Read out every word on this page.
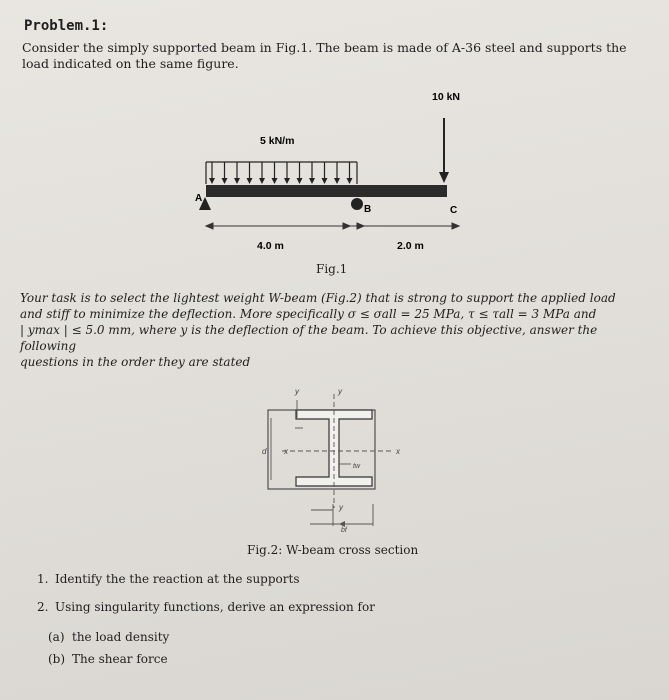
Problem.1:
Consider the simply supported beam in Fig.1. The beam is made of A-36 steel and supports the load indicated on the same figure.
10 kN
5 kN/m
A
B	C
4.0 m	2.0 m
Fig.1
Your task is to select the lightest weight W-beam (Fig.2) that is strong to support the applied load
and stiff to minimize the deflection. More specifically σ ≤ σall = 25 MPa, τ ≤ τall = 3 MPa and
| ymax | ≤ 5.0 mm, where y is the deflection of the beam. To achieve this objective, answer the following
questions in the order they are stated
y	y
y
x	x
d
bf
tw
Fig.2: W-beam cross section
1. Identify the the reaction at the supports
2. Using singularity functions, derive an expression for
(a) the load density
(b) The shear force
